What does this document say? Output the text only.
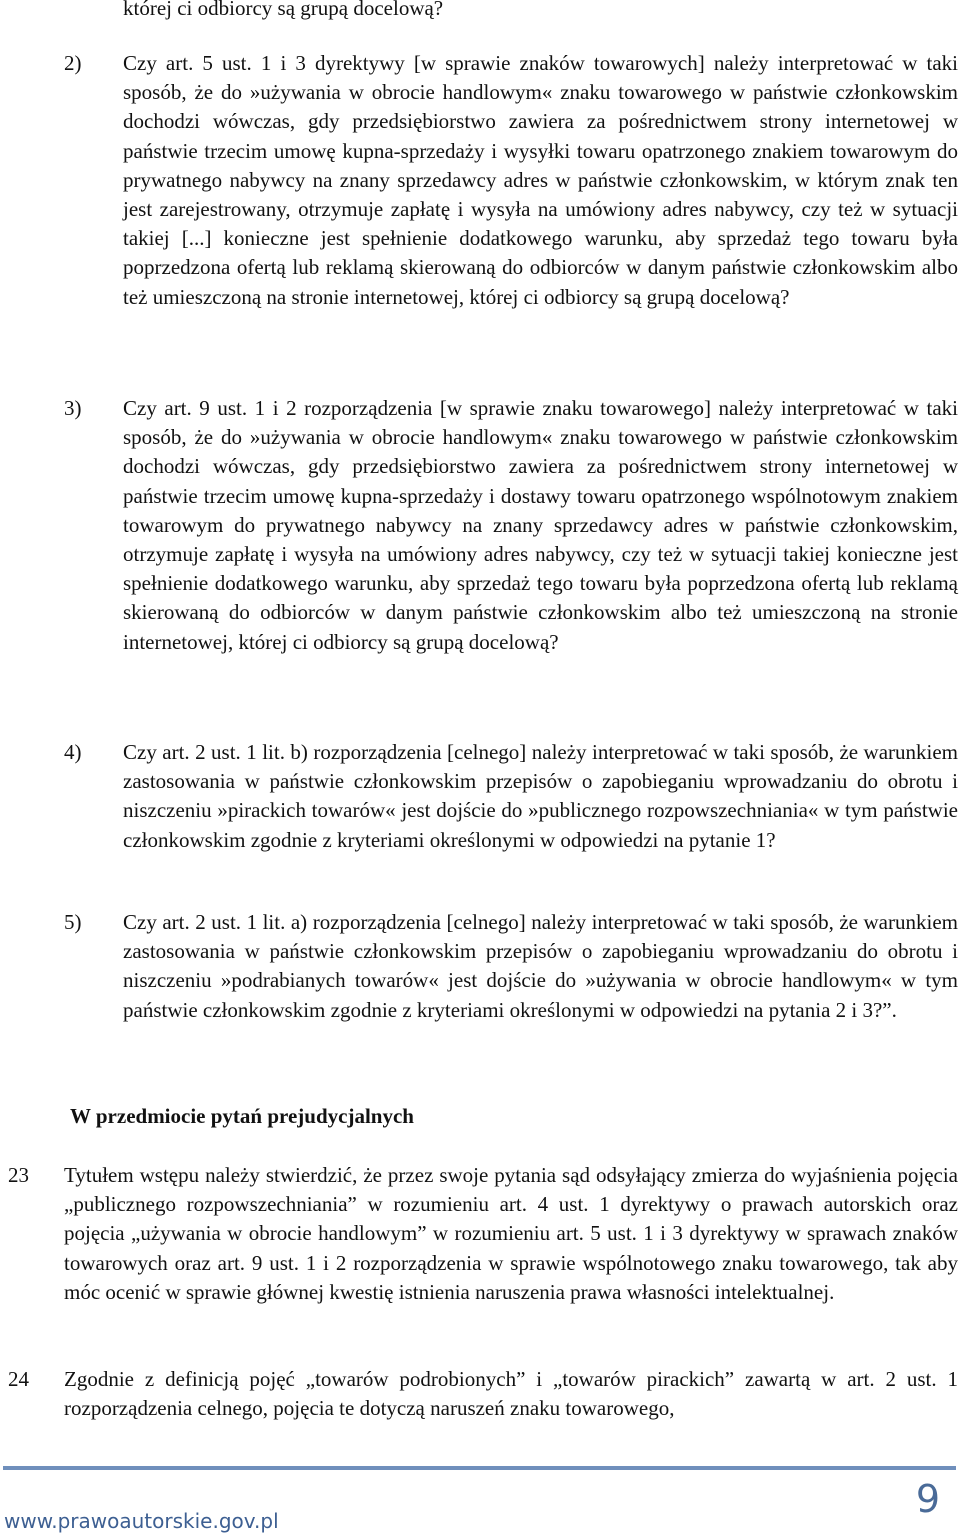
której ci odbiorcy są grupą docelową?
2) Czy art. 5 ust. 1 i 3 dyrektywy [w sprawie znaków towarowych] należy interpretować w taki sposób, że do »używania w obrocie handlowym« znaku towarowego w państwie członkowskim dochodzi wówczas, gdy przedsiębiorstwo zawiera za pośrednictwem strony internetowej w państwie trzecim umowę kupna-sprzedaży i wysyłki towaru opatrzonego znakiem towarowym do prywatnego nabywcy na znany sprzedawcy adres w państwie członkowskim, w którym znak ten jest zarejestrowany, otrzymuje zapłatę i wysyła na umówiony adres nabywcy, czy też w sytuacji takiej [...] konieczne jest spełnienie dodatkowego warunku, aby sprzedaż tego towaru była poprzedzona ofertą lub reklamą skierowaną do odbiorców w danym państwie członkowskim albo też umieszczoną na stronie internetowej, której ci odbiorcy są grupą docelową?
3) Czy art. 9 ust. 1 i 2 rozporządzenia [w sprawie znaku towarowego] należy interpretować w taki sposób, że do »używania w obrocie handlowym« znaku towarowego w państwie członkowskim dochodzi wówczas, gdy przedsiębiorstwo zawiera za pośrednictwem strony internetowej w państwie trzecim umowę kupna-sprzedaży i dostawy towaru opatrzonego wspólnotowym znakiem towarowym do prywatnego nabywcy na znany sprzedawcy adres w państwie członkowskim, otrzymuje zapłatę i wysyła na umówiony adres nabywcy, czy też w sytuacji takiej konieczne jest spełnienie dodatkowego warunku, aby sprzedaż tego towaru była poprzedzona ofertą lub reklamą skierowaną do odbiorców w danym państwie członkowskim albo też umieszczoną na stronie internetowej, której ci odbiorcy są grupą docelową?
4) Czy art. 2 ust. 1 lit. b) rozporządzenia [celnego] należy interpretować w taki sposób, że warunkiem zastosowania w państwie członkowskim przepisów o zapobieganiu wprowadzaniu do obrotu i niszczeniu »pirackich towarów« jest dojście do »publicznego rozpowszechniania« w tym państwie członkowskim zgodnie z kryteriami określonymi w odpowiedzi na pytanie 1?
5) Czy art. 2 ust. 1 lit. a) rozporządzenia [celnego] należy interpretować w taki sposób, że warunkiem zastosowania w państwie członkowskim przepisów o zapobieganiu wprowadzaniu do obrotu i niszczeniu »podrabianych towarów« jest dojście do »używania w obrocie handlowym« w tym państwie członkowskim zgodnie z kryteriami określonymi w odpowiedzi na pytania 2 i 3?”.
W przedmiocie pytań prejudycjalnych
23 Tytułem wstępu należy stwierdzić, że przez swoje pytania sąd odsyłający zmierza do wyjaśnienia pojęcia „publicznego rozpowszechniania” w rozumieniu art. 4 ust. 1 dyrektywy o prawach autorskich oraz pojęcia „używania w obrocie handlowym” w rozumieniu art. 5 ust. 1 i 3 dyrektywy w sprawach znaków towarowych oraz art. 9 ust. 1 i 2 rozporządzenia w sprawie wspólnotowego znaku towarowego, tak aby móc ocenić w sprawie głównej kwestię istnienia naruszenia prawa własności intelektualnej.
24 Zgodnie z definicją pojęć „towarów podrobionych” i „towarów pirackich” zawartą w art. 2 ust. 1 rozporządzenia celnego, pojęcia te dotyczą naruszeń znaku towarowego,
www.prawoautorskie.gov.pl	9
